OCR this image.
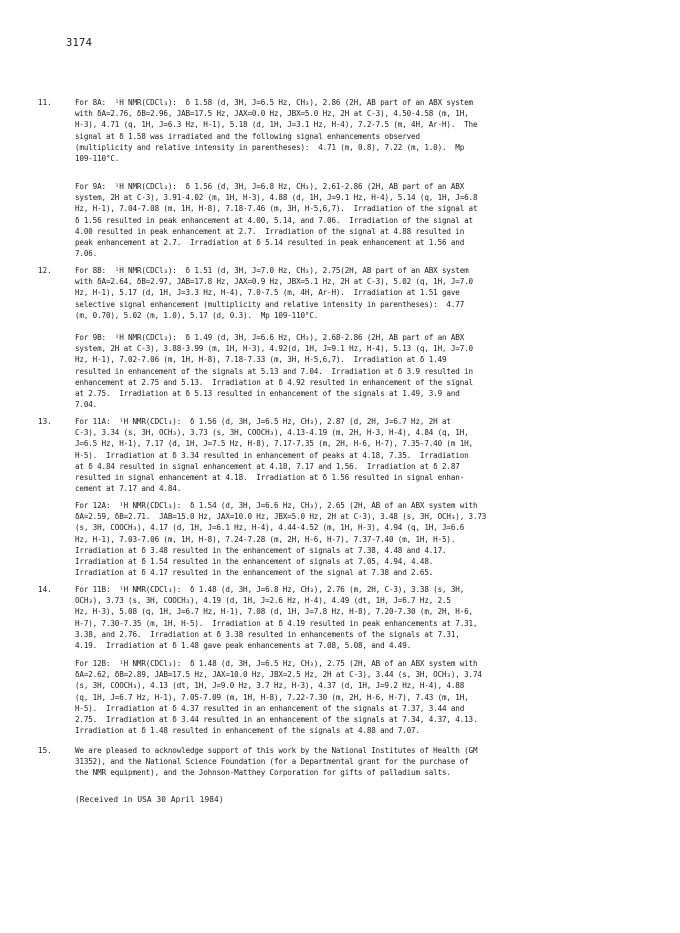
3174
11.	For 8A:  ¹H NMR(CDCl₃):  δ 1.58 (d, 3H, J=6.5 Hz, CH₃), 2.86 (2H, AB part of an ABX system
with δA=2.76, δB=2.96, JAB=17.5 Hz, JAX=0.0 Hz, JBX=5.0 Hz, 2H at C-3), 4.50-4.58 (m, 1H,
H-3), 4.71 (q, 1H, J=6.3 Hz, H-1), 5.18 (d, 1H, J=3.1 Hz, H-4), 7.2-7.5 (m, 4H, Ar-H).  The
signal at δ 1.58 was irradiated and the following signal enhancements observed
(multiplicity and relative intensity in parentheses):  4.71 (m, 0.8), 7.22 (m, 1.0).  Mp
109-110°C.
For 9A:  ¹H NMR(CDCl₃):  δ 1.56 (d, 3H, J=6.8 Hz, CH₃), 2.61-2.86 (2H, AB part of an ABX
system, 2H at C-3), 3.91-4.02 (m, 1H, H-3), 4.88 (d, 1H, J=9.1 Hz, H-4), 5.14 (q, 1H, J=6.8
Hz, H-1), 7.04-7.08 (m, 1H, H-8), 7.18-7.46 (m, 3H, H-5,6,7).  Irradiation of the signal at
δ 1.56 resulted in peak enhancement at 4.00, 5.14, and 7.06.  Irradiation of the signal at
4.00 resulted in peak enhancement at 2.7.  Irradiation of the signal at 4.88 resulted in
peak enhancement at 2.7.  Irradiation at δ 5.14 resulted in peak enhancement at 1.56 and
7.06.
12.	For 8B:  ¹H NMR(CDCl₃):  δ 1.51 (d, 3H, J=7.0 Hz, CH₃), 2.75(2H, AB part of an ABX system
with δA=2.64, δB=2.97, JAB=17.8 Hz, JAX=0.9 Hz, JBX=5.1 Hz, 2H at C-3), 5.02 (q, 1H, J=7.0
Hz, H-1), 5.17 (d, 1H, J=3.3 Hz, H-4), 7.0-7.5 (m, 4H, Ar-H).  Irradiation at 1.51 gave
selective signal enhancement (multiplicity and relative intensity in parentheses):  4.77
(m, 0.70), 5.02 (m, 1.0), 5.17 (d, 0.3).  Mp 109-110°C.
For 9B:  ¹H NMR(CDCl₃):  δ 1.49 (d, 3H, J=6.6 Hz, CH₃), 2.68-2.86 (2H, AB part of an ABX
system, 2H at C-3), 3.88-3.99 (m, 1H, H-3), 4.92(d, 1H, J=9.1 Hz, H-4), 5.13 (q, 1H, J=7.0
Hz, H-1), 7.02-7.06 (m, 1H, H-8), 7.18-7.33 (m, 3H, H-5,6,7).  Irradiation at δ 1.49
resulted in enhancement of the signals at 5.13 and 7.04.  Irradiation at δ 3.9 resulted in
enhancement at 2.75 and 5.13.  Irradiation at δ 4.92 resulted in enhancement of the signal
at 2.75.  Irradiation at δ 5.13 resulted in enhancement of the signals at 1.49, 3.9 and
7.04.
13.	For 11A:  ¹H NMR(CDCl₃):  δ 1.56 (d, 3H, J=6.5 Hz, CH₃), 2.87 (d, 2H, J=6.7 Hz, 2H at
C-3), 3.34 (s, 3H, OCH₃), 3.73 (s, 3H, COOCH₃), 4.13-4.19 (m, 2H, H-3, H-4), 4.84 (q, 1H,
J=6.5 Hz, H-1), 7.17 (d, 1H, J=7.5 Hz, H-8), 7.17-7.35 (m, 2H, H-6, H-7), 7.35-7.40 (m 1H,
H-5).  Irradiation at δ 3.34 resulted in enhancement of peaks at 4.18, 7.35.  Irradiation
at δ 4.84 resulted in signal enhancement at 4.18, 7.17 and 1.56.  Irradiation at δ 2.87
resulted in signal enhancement at 4.18.  Irradiation at δ 1.56 resulted in signal enhan-
cement at 7.17 and 4.84.
For 12A:  ¹H NMR(CDCl₃):  δ 1.54 (d, 3H, J=6.6 Hz, CH₃), 2.65 (2H, AB of an ABX system with
δA=2.59, δB=2.71.  JAB=15.0 Hz, JAX=10.0 Hz, JBX=5.0 Hz, 2H at C-3), 3.48 (s, 3H, OCH₃), 3.73
(s, 3H, COOCH₃), 4.17 (d, 1H, J=6.1 Hz, H-4), 4.44-4.52 (m, 1H, H-3), 4.94 (q, 1H, J=6.6
Hz, H-1), 7.03-7.06 (m, 1H, H-8), 7.24-7.28 (m, 2H, H-6, H-7), 7.37-7.40 (m, 1H, H-5).
Irradiation at δ 3.48 resulted in the enhancement of signals at 7.38, 4.48 and 4.17.
Irradiation at δ 1.54 resulted in the enhancement of signals at 7.05, 4.94, 4.48.
Irradiation at δ 4.17 resulted in the enhancement of the signal at 7.38 and 2.65.
14.	For 11B:  ¹H NMR(CDCl₃):  δ 1.48 (d, 3H, J=6.8 Hz, CH₃), 2.76 (m, 2H, C-3), 3.38 (s, 3H,
OCH₃), 3.73 (s, 3H, COOCH₃), 4.19 (d, 1H, J=2.6 Hz, H-4), 4.49 (dt, 1H, J=6.7 Hz, 2.5
Hz, H-3), 5.08 (q, 1H, J=6.7 Hz, H-1), 7.08 (d, 1H, J=7.8 Hz, H-8), 7.20-7.30 (m, 2H, H-6,
H-7), 7.30-7.35 (m, 1H, H-5).  Irradiation at δ 4.19 resulted in peak enhancements at 7.31,
3.38, and 2.76.  Irradiation at δ 3.38 resulted in enhancements of the signals at 7.31,
4.19.  Irradiation at δ 1.48 gave peak enhancements at 7.08, 5.08, and 4.49.
For 12B:  ¹H NMR(CDCl₃):  δ 1.48 (d, 3H, J=6.5 Hz, CH₃), 2.75 (2H, AB of an ABX system with
δA=2.62, δB=2.89, JAB=17.5 Hz, JAX=10.0 Hz, JBX=2.5 Hz, 2H at C-3), 3.44 (s, 3H, OCH₃), 3.74
(s, 3H, COOCH₃), 4.13 (dt, 1H, J=9.0 Hz, 3.7 Hz, H-3), 4.37 (d, 1H, J=9.2 Hz, H-4), 4.88
(q, 1H, J=6.7 Hz, H-1), 7.05-7.09 (m, 1H, H-8), 7.22-7.30 (m, 2H, H-6, H-7), 7.43 (m, 1H,
H-5).  Irradiation at δ 4.37 resulted in an enhancement of the signals at 7.37, 3.44 and
2.75.  Irradiation at δ 3.44 resulted in an enhancement of the signals at 7.34, 4.37, 4.13.
Irradiation at δ 1.48 resulted in enhancement of the signals at 4.88 and 7.07.
15.	We are pleased to acknowledge support of this work by the National Institutes of Health (GM
31352), and the National Science Foundation (for a Departmental grant for the purchase of
the NMR equipment), and the Johnson-Matthey Corporation for gifts of palladium salts.
(Received in USA 30 April 1984)
